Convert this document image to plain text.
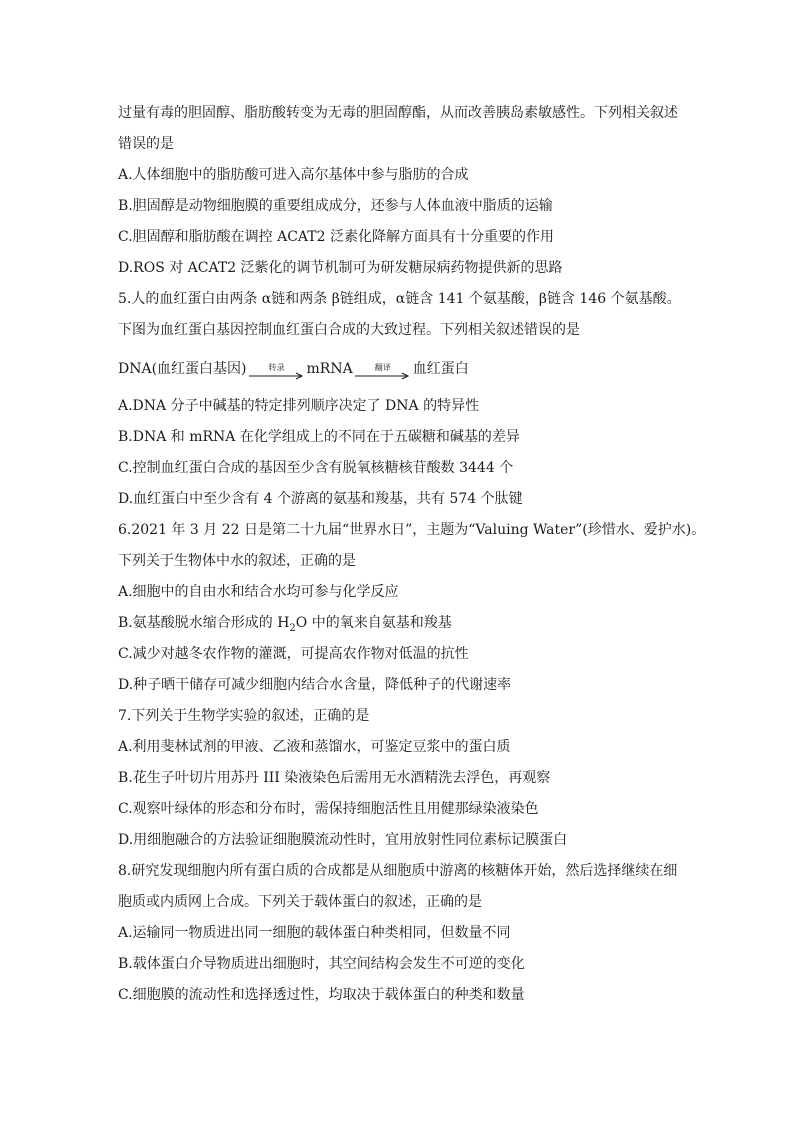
过量有毒的胆固醇、脂肪酸转变为无毒的胆固醇酯，从而改善胰岛素敏感性。下列相关叙述
错误的是
A.人体细胞中的脂肪酸可进入高尔基体中参与脂肪的合成
B.胆固醇是动物细胞膜的重要组成成分，还参与人体血液中脂质的运输
C.胆固醇和脂肪酸在调控 ACAT2 泛素化降解方面具有十分重要的作用
D.ROS 对 ACAT2 泛紫化的调节机制可为研发糖尿病药物提供新的思路
5.人的血红蛋白由两条 α链和两条 β链组成，α链含 141 个氨基酸，β链含 146 个氨基酸。
下图为血红蛋白基因控制血红蛋白合成的大致过程。下列相关叙述错误的是
DNA(血红蛋白基因)	转录 mRNA	翻译 血红蛋白
A.DNA 分子中碱基的特定排列顺序决定了 DNA 的特异性
B.DNA 和 mRNA 在化学组成上的不同在于五碳糖和碱基的差异
C.控制血红蛋白合成的基因至少含有脱氧核糖核苷酸数 3444 个
D.血红蛋白中至少含有 4 个游离的氨基和羧基，共有 574 个肽键
6.2021 年 3 月 22 日是第二十九届“世界水日”，主题为“Valuing Water”(珍惜水、爱护水)。
下列关于生物体中水的叙述，正确的是
A.细胞中的自由水和结合水均可参与化学反应
B.氨基酸脱水缩合形成的 $H_2O$ 中的氧来自氨基和羧基
C.减少对越冬农作物的灌溉，可提高农作物对低温的抗性
D.种子晒干储存可减少细胞内结合水含量，降低种子的代谢速率
7.下列关于生物学实验的叙述，正确的是
A.利用斐林试剂的甲液、乙液和蒸馏水，可鉴定豆浆中的蛋白质
B.花生子叶切片用苏丹 III 染液染色后需用无水酒精洗去浮色，再观察
C.观察叶绿体的形态和分布时，需保持细胞活性且用健那绿染液染色
D.用细胞融合的方法验证细胞膜流动性时，宜用放射性同位素标记膜蛋白
8.研究发现细胞内所有蛋白质的合成都是从细胞质中游离的核糖体开始，然后选择继续在细
胞质或内质网上合成。下列关于载体蛋白的叙述，正确的是
A.运输同一物质进出同一细胞的载体蛋白种类相同，但数量不同
B.载体蛋白介导物质进出细胞时，其空间结构会发生不可逆的变化
C.细胞膜的流动性和选择透过性，均取决于载体蛋白的种类和数量
